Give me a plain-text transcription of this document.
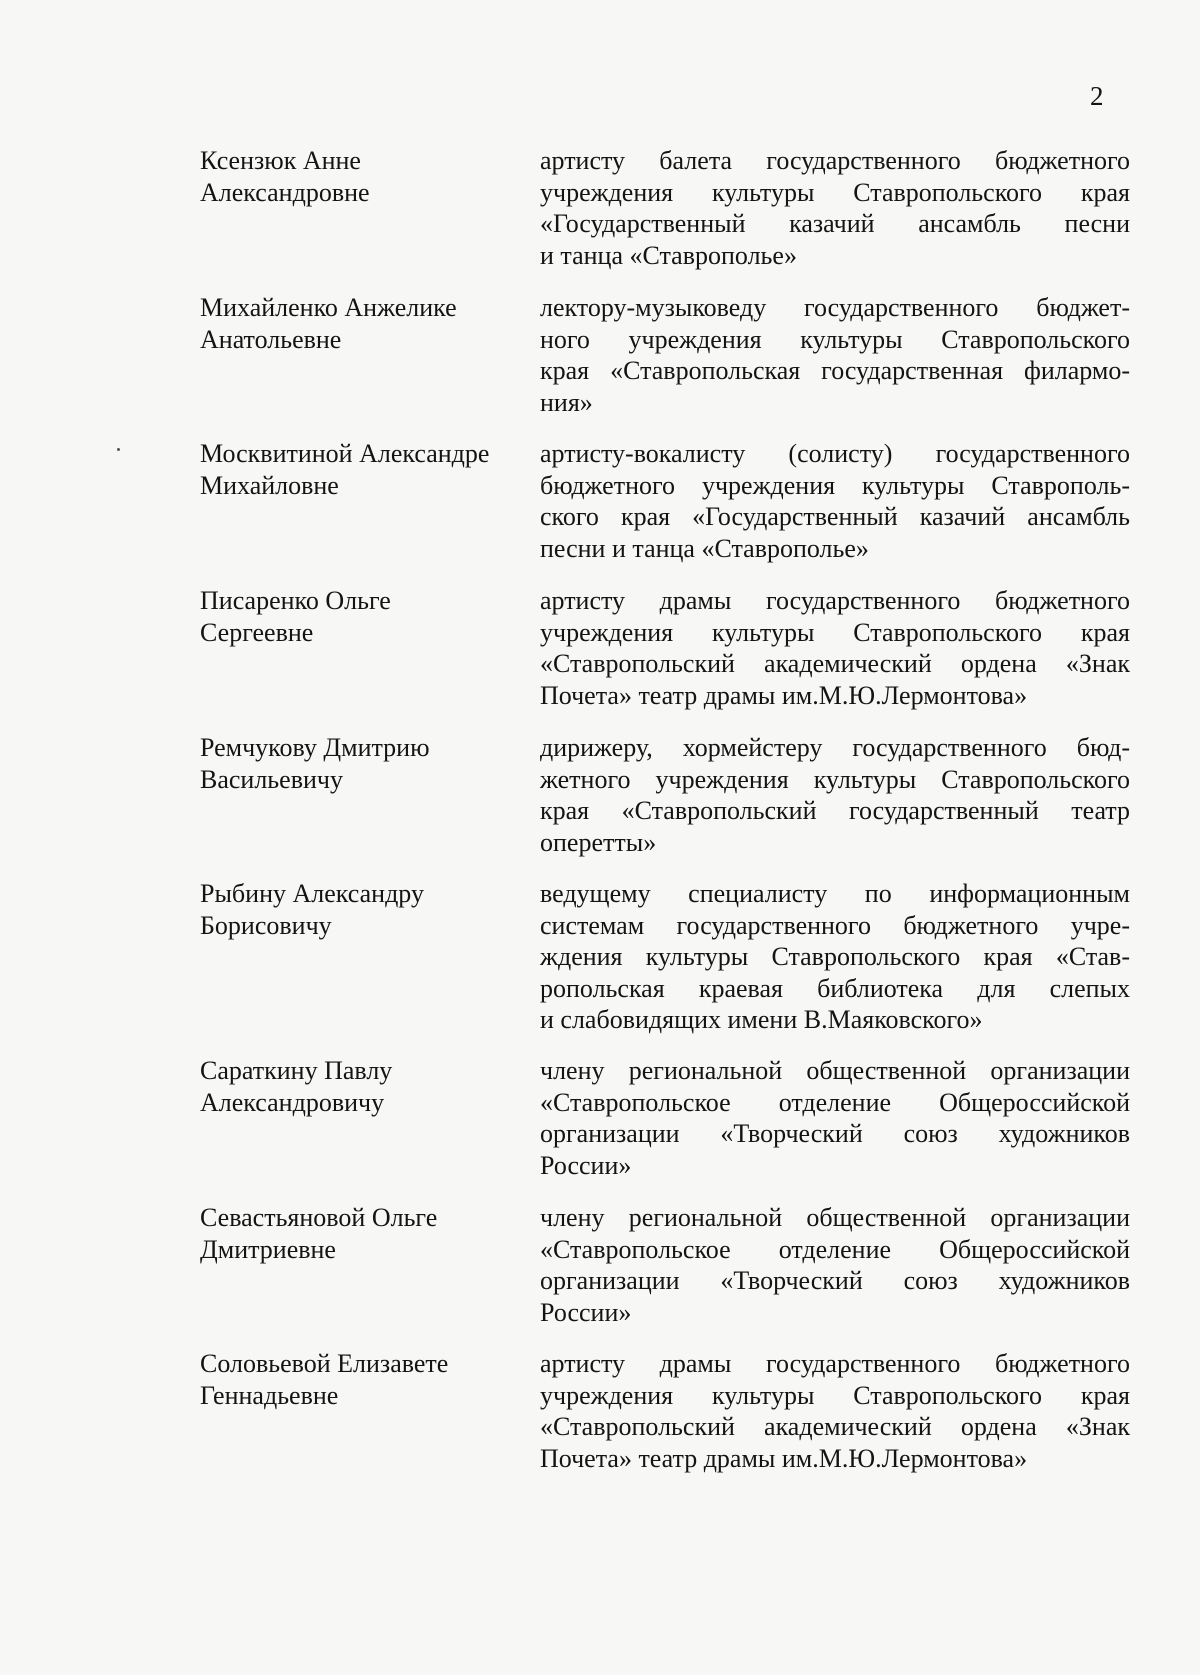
2
Ксензюк Анне
Александровне
артисту балета государственного бюджетного
учреждения культуры Ставропольского края
«Государственный казачий ансамбль песни
и танца «Ставрополье»
Михайленко Анжелике
Анатольевне
лектору-музыковеду государственного бюджет-
ного учреждения культуры Ставропольского
края «Ставропольская государственная филармо-
ния»
Москвитиной Александре
Михайловне
артисту-вокалисту (солисту) государственного
бюджетного учреждения культуры Ставрополь-
ского края «Государственный казачий ансамбль
песни и танца «Ставрополье»
Писаренко Ольге
Сергеевне
артисту драмы государственного бюджетного
учреждения культуры Ставропольского края
«Ставропольский академический ордена «Знак
Почета» театр драмы им.М.Ю.Лермонтова»
Ремчукову Дмитрию
Васильевичу
дирижеру, хормейстеру государственного бюд-
жетного учреждения культуры Ставропольского
края «Ставропольский государственный театр
оперетты»
Рыбину Александру
Борисовичу
ведущему специалисту по информационным
системам государственного бюджетного учре-
ждения культуры Ставропольского края «Став-
ропольская краевая библиотека для слепых
и слабовидящих имени В.Маяковского»
Сараткину Павлу
Александровичу
члену региональной общественной организации
«Ставропольское отделение Общероссийской
организации «Творческий союз художников
России»
Севастьяновой Ольге
Дмитриевне
члену региональной общественной организации
«Ставропольское отделение Общероссийской
организации «Творческий союз художников
России»
Соловьевой Елизавете
Геннадьевне
артисту драмы государственного бюджетного
учреждения культуры Ставропольского края
«Ставропольский академический ордена «Знак
Почета» театр драмы им.М.Ю.Лермонтова»
